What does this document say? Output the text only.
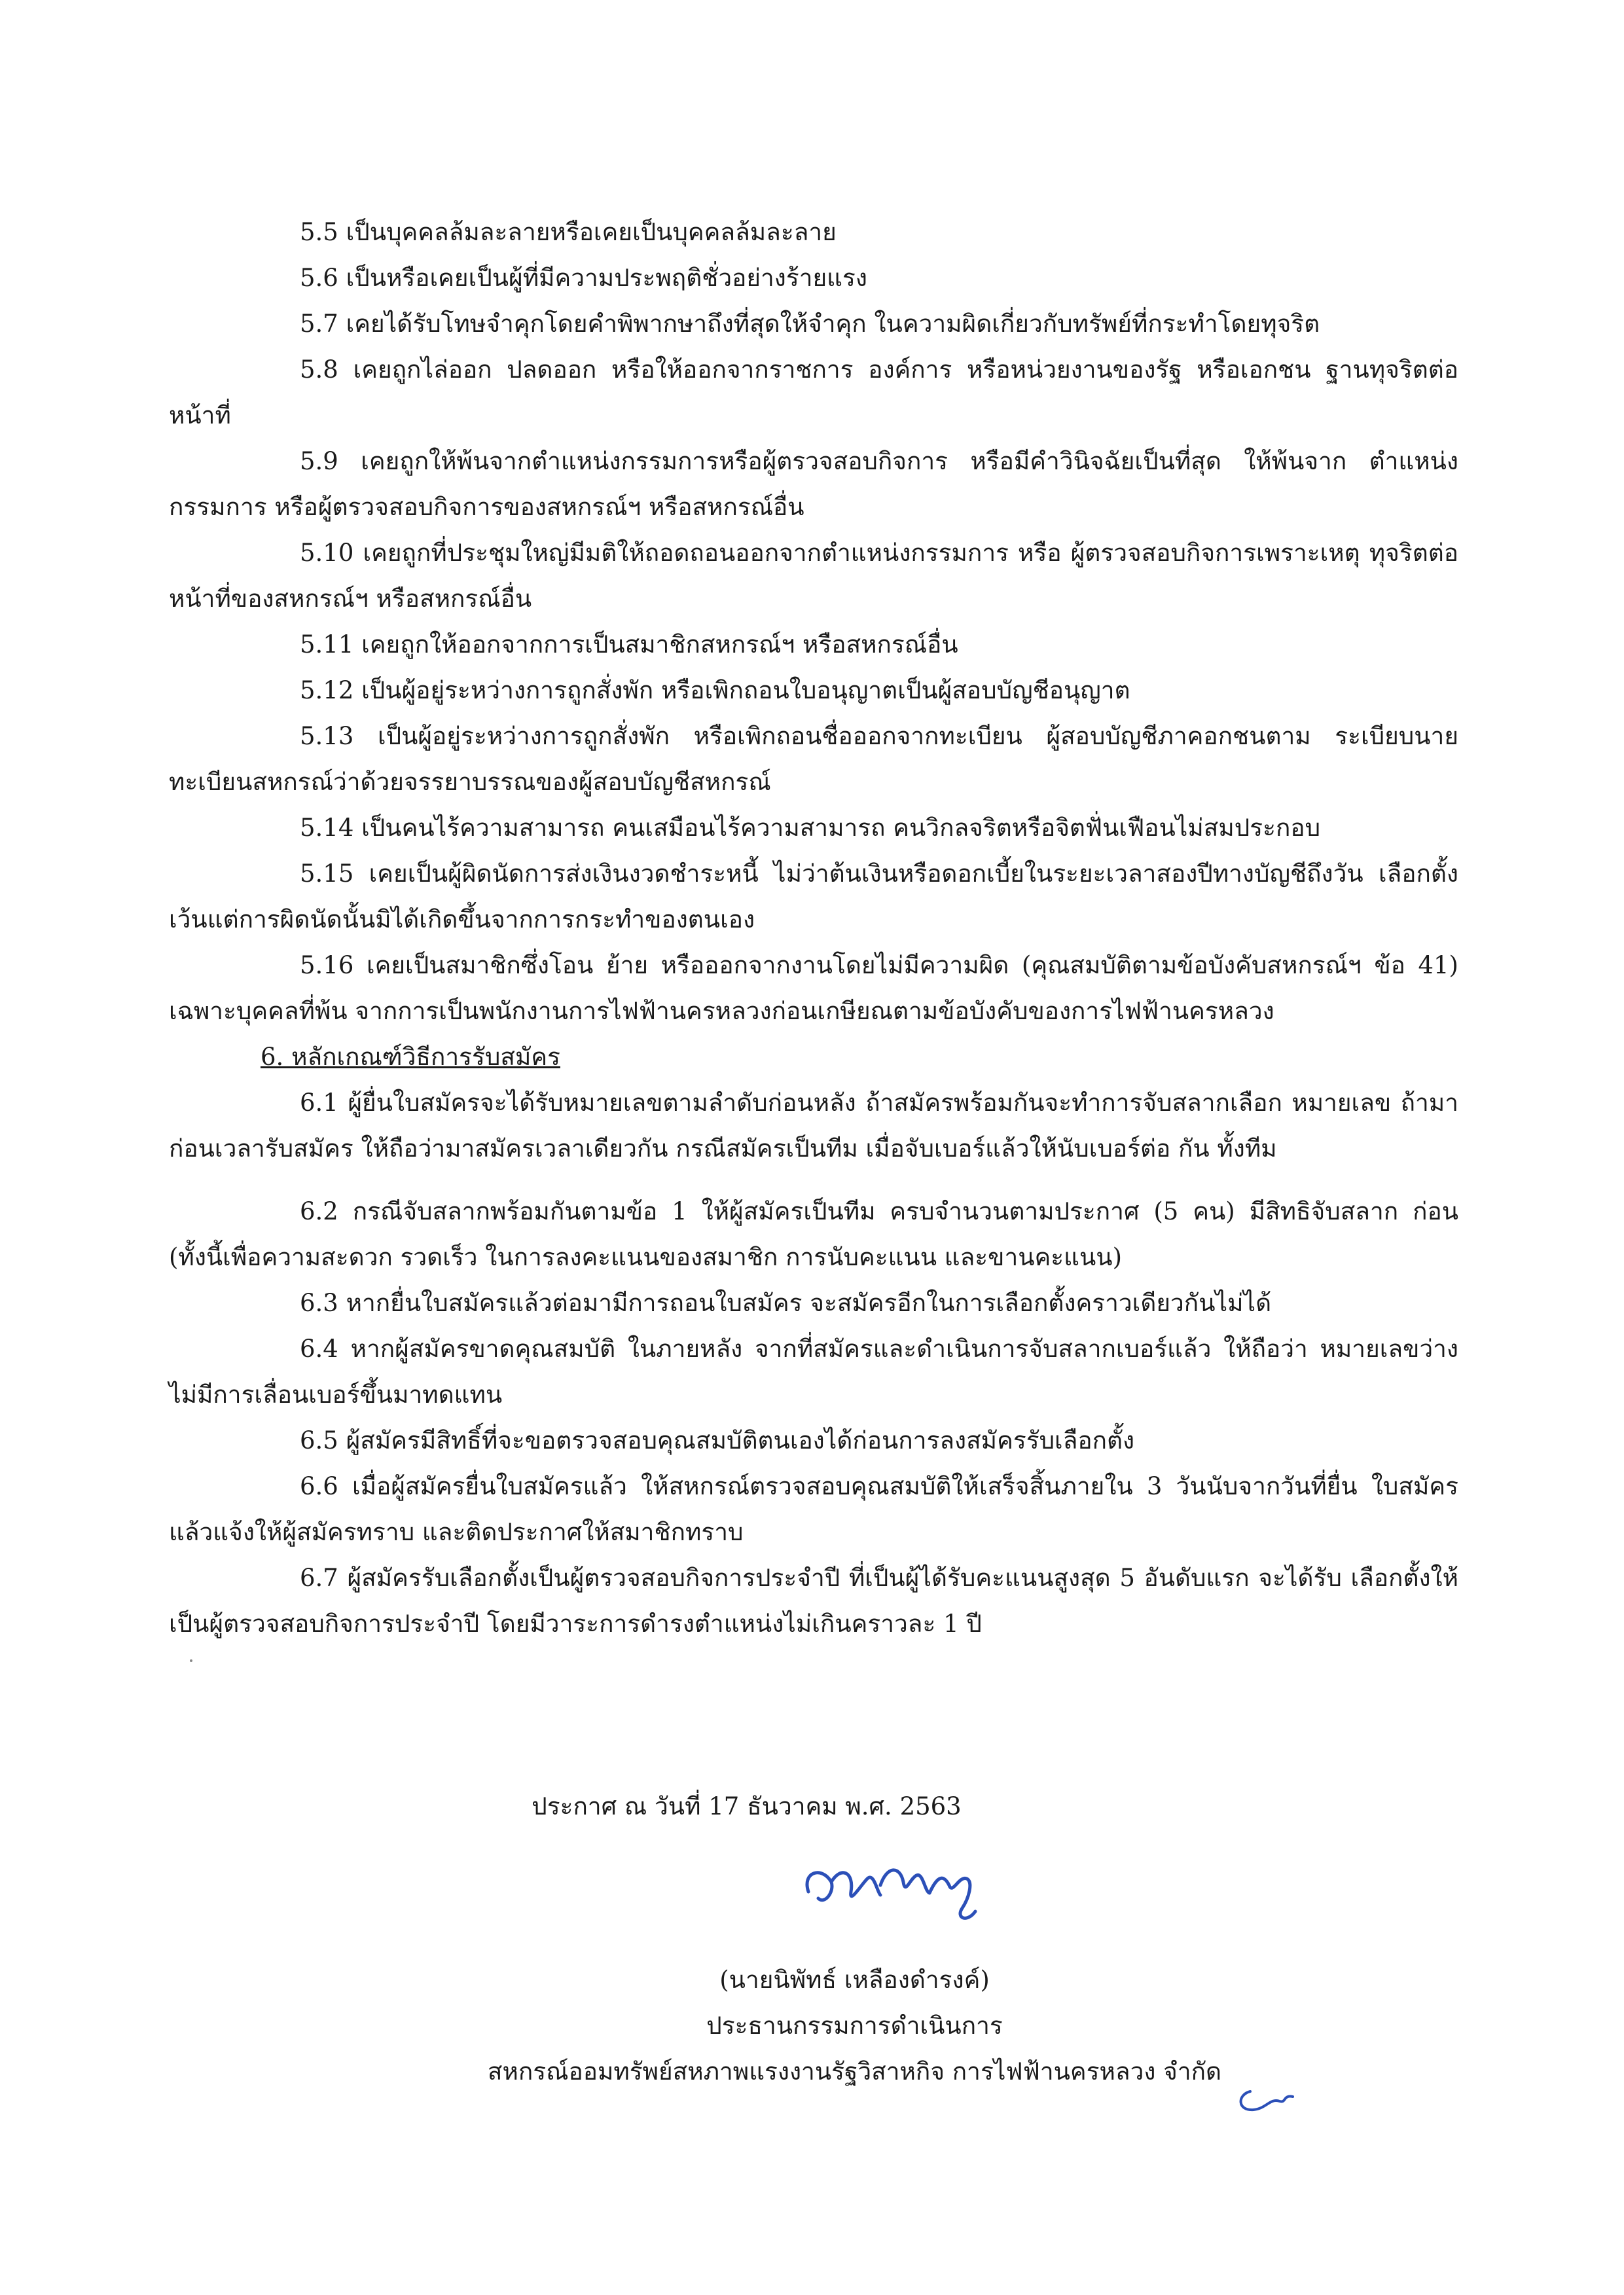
5.5 เป็นบุคคลล้มละลายหรือเคยเป็นบุคคลล้มละลาย

5.6 เป็นหรือเคยเป็นผู้ที่มีความประพฤติชั่วอย่างร้ายแรง

5.7 เคยได้รับโทษจำคุกโดยคำพิพากษาถึงที่สุดให้จำคุก ในความผิดเกี่ยวกับทรัพย์ที่กระทำโดยทุจริต

5.8 เคยถูกไล่ออก ปลดออก หรือให้ออกจากราชการ องค์การ หรือหน่วยงานของรัฐ หรือเอกชน ฐานทุจริตต่อหน้าที่

5.9 เคยถูกให้พ้นจากตำแหน่งกรรมการหรือผู้ตรวจสอบกิจการ หรือมีคำวินิจฉัยเป็นที่สุด ให้พ้นจาก ตำแหน่งกรรมการ หรือผู้ตรวจสอบกิจการของสหกรณ์ฯ หรือสหกรณ์อื่น

5.10 เคยถูกที่ประชุมใหญ่มีมติให้ถอดถอนออกจากตำแหน่งกรรมการ หรือ ผู้ตรวจสอบกิจการเพราะเหตุ ทุจริตต่อหน้าที่ของสหกรณ์ฯ หรือสหกรณ์อื่น

5.11 เคยถูกให้ออกจากการเป็นสมาชิกสหกรณ์ฯ หรือสหกรณ์อื่น

5.12 เป็นผู้อยู่ระหว่างการถูกสั่งพัก หรือเพิกถอนใบอนุญาตเป็นผู้สอบบัญชีอนุญาต

5.13 เป็นผู้อยู่ระหว่างการถูกสั่งพัก หรือเพิกถอนชื่อออกจากทะเบียน ผู้สอบบัญชีภาคอกชนตาม ระเบียบนายทะเบียนสหกรณ์ว่าด้วยจรรยาบรรณของผู้สอบบัญชีสหกรณ์

5.14 เป็นคนไร้ความสามารถ คนเสมือนไร้ความสามารถ คนวิกลจริตหรือจิตฟั่นเฟือนไม่สมประกอบ

5.15 เคยเป็นผู้ผิดนัดการส่งเงินงวดชำระหนี้ ไม่ว่าต้นเงินหรือดอกเบี้ยในระยะเวลาสองปีทางบัญชีถึงวัน เลือกตั้ง เว้นแต่การผิดนัดนั้นมิได้เกิดขึ้นจากการกระทำของตนเอง

5.16 เคยเป็นสมาชิกซึ่งโอน ย้าย หรือออกจากงานโดยไม่มีความผิด (คุณสมบัติตามข้อบังคับสหกรณ์ฯ ข้อ 41) เฉพาะบุคคลที่พ้น จากการเป็นพนักงานการไฟฟ้านครหลวงก่อนเกษียณตามข้อบังคับของการไฟฟ้านครหลวง

6. หลักเกณฑ์วิธีการรับสมัคร

6.1 ผู้ยื่นใบสมัครจะได้รับหมายเลขตามลำดับก่อนหลัง ถ้าสมัครพร้อมกันจะทำการจับสลากเลือก หมายเลข ถ้ามาก่อนเวลารับสมัคร ให้ถือว่ามาสมัครเวลาเดียวกัน กรณีสมัครเป็นทีม เมื่อจับเบอร์แล้วให้นับเบอร์ต่อ กัน ทั้งทีม

6.2 กรณีจับสลากพร้อมกันตามข้อ 1 ให้ผู้สมัครเป็นทีม ครบจำนวนตามประกาศ (5 คน) มีสิทธิจับสลาก ก่อน (ทั้งนี้เพื่อความสะดวก รวดเร็ว ในการลงคะแนนของสมาชิก การนับคะแนน และขานคะแนน)

6.3 หากยื่นใบสมัครแล้วต่อมามีการถอนใบสมัคร จะสมัครอีกในการเลือกตั้งคราวเดียวกันไม่ได้

6.4 หากผู้สมัครขาดคุณสมบัติ ในภายหลัง จากที่สมัครและดำเนินการจับสลากเบอร์แล้ว ให้ถือว่า หมายเลขว่าง ไม่มีการเลื่อนเบอร์ขึ้นมาทดแทน

6.5 ผู้สมัครมีสิทธิ์ที่จะขอตรวจสอบคุณสมบัติตนเองได้ก่อนการลงสมัครรับเลือกตั้ง

6.6 เมื่อผู้สมัครยื่นใบสมัครแล้ว ให้สหกรณ์ตรวจสอบคุณสมบัติให้เสร็จสิ้นภายใน 3 วันนับจากวันที่ยื่น ใบสมัคร แล้วแจ้งให้ผู้สมัครทราบ และติดประกาศให้สมาชิกทราบ

6.7 ผู้สมัครรับเลือกตั้งเป็นผู้ตรวจสอบกิจการประจำปี ที่เป็นผู้ได้รับคะแนนสูงสุด 5 อันดับแรก จะได้รับ เลือกตั้งให้เป็นผู้ตรวจสอบกิจการประจำปี โดยมีวาระการดำรงตำแหน่งไม่เกินคราวละ 1 ปี

ประกาศ ณ วันที่ 17 ธันวาคม พ.ศ. 2563
(นายนิพัทธ์ เหลืองดำรงค์)
ประธานกรรมการดำเนินการ
สหกรณ์ออมทรัพย์สหภาพแรงงานรัฐวิสาหกิจ การไฟฟ้านครหลวง จำกัด
